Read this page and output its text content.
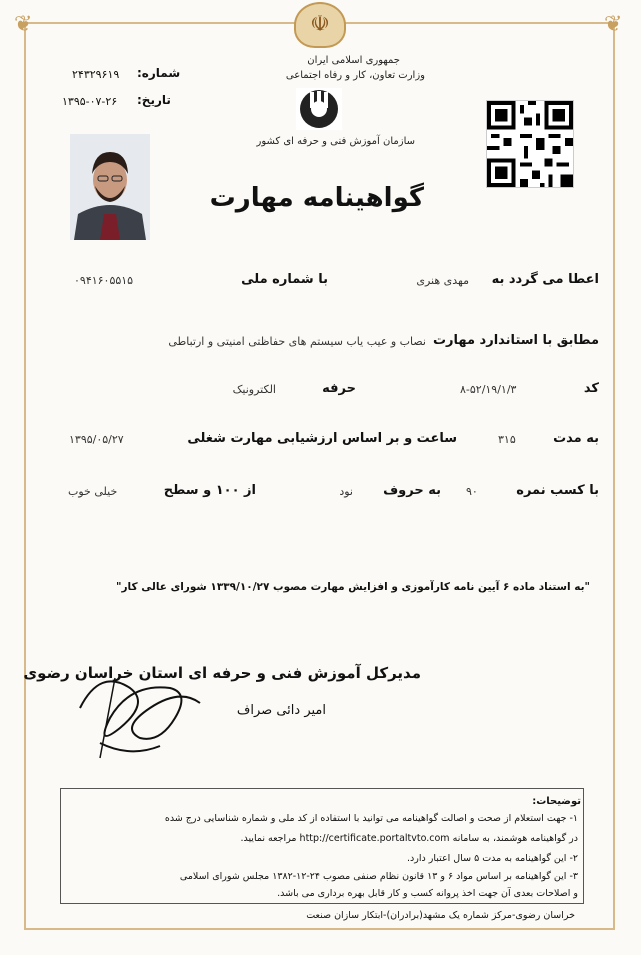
❦	❦
☫
جمهوری اسلامی ایران
وزارت تعاون، کار و رفاه اجتماعی
سازمان آموزش فنی و حرفه ای کشور
شماره:
۲۴۳۲۹۶۱۹
تاریخ:
۱۳۹۵-۰۷-۲۶
گواهینامه مهارت
اعطا می گردد به
مهدی هنری
با شماره ملی
۰۹۴۱۶۰۵۵۱۵
مطابق با استاندارد مهارت
نصاب و عیب یاب سیستم های حفاظتی امنیتی و ارتباطی
کد
۸-۵۲/۱۹/۱/۳
حرفه
الکترونیک
به مدت
۳۱۵
ساعت و بر اساس ارزشیابی مهارت شغلی
۱۳۹۵/۰۵/۲۷
با کسب نمره
۹۰
به حروف
نود
از ۱۰۰ و سطح
خیلی خوب
"به استناد ماده ۶ آیین نامه کارآموزی و افزایش مهارت مصوب ۱۳۳۹/۱۰/۲۷ شورای عالی کار"
مدیرکل آموزش فنی و حرفه ای استان خراسان رضوی
امیر دائی صراف
توضیحات:
۱- جهت استعلام از صحت و اصالت گواهینامه می توانید با استفاده از کد ملی و شماره شناسایی درج شده
در گواهینامه هوشمند، به سامانه http://certificate.portaltvto.com مراجعه نمایید.
۲- این گواهینامه به مدت ۵ سال اعتبار دارد.
۳- این گواهینامه بر اساس مواد ۶ و ۱۳ قانون نظام صنفی مصوب ۲۴-۱۲-۱۳۸۲ مجلس شورای اسلامی
و اصلاحات بعدی آن جهت اخذ پروانه کسب و کار قابل بهره برداری می باشد.
خراسان رضوی-مرکز شماره یک مشهد(برادران)-ابتکار سازان صنعت
